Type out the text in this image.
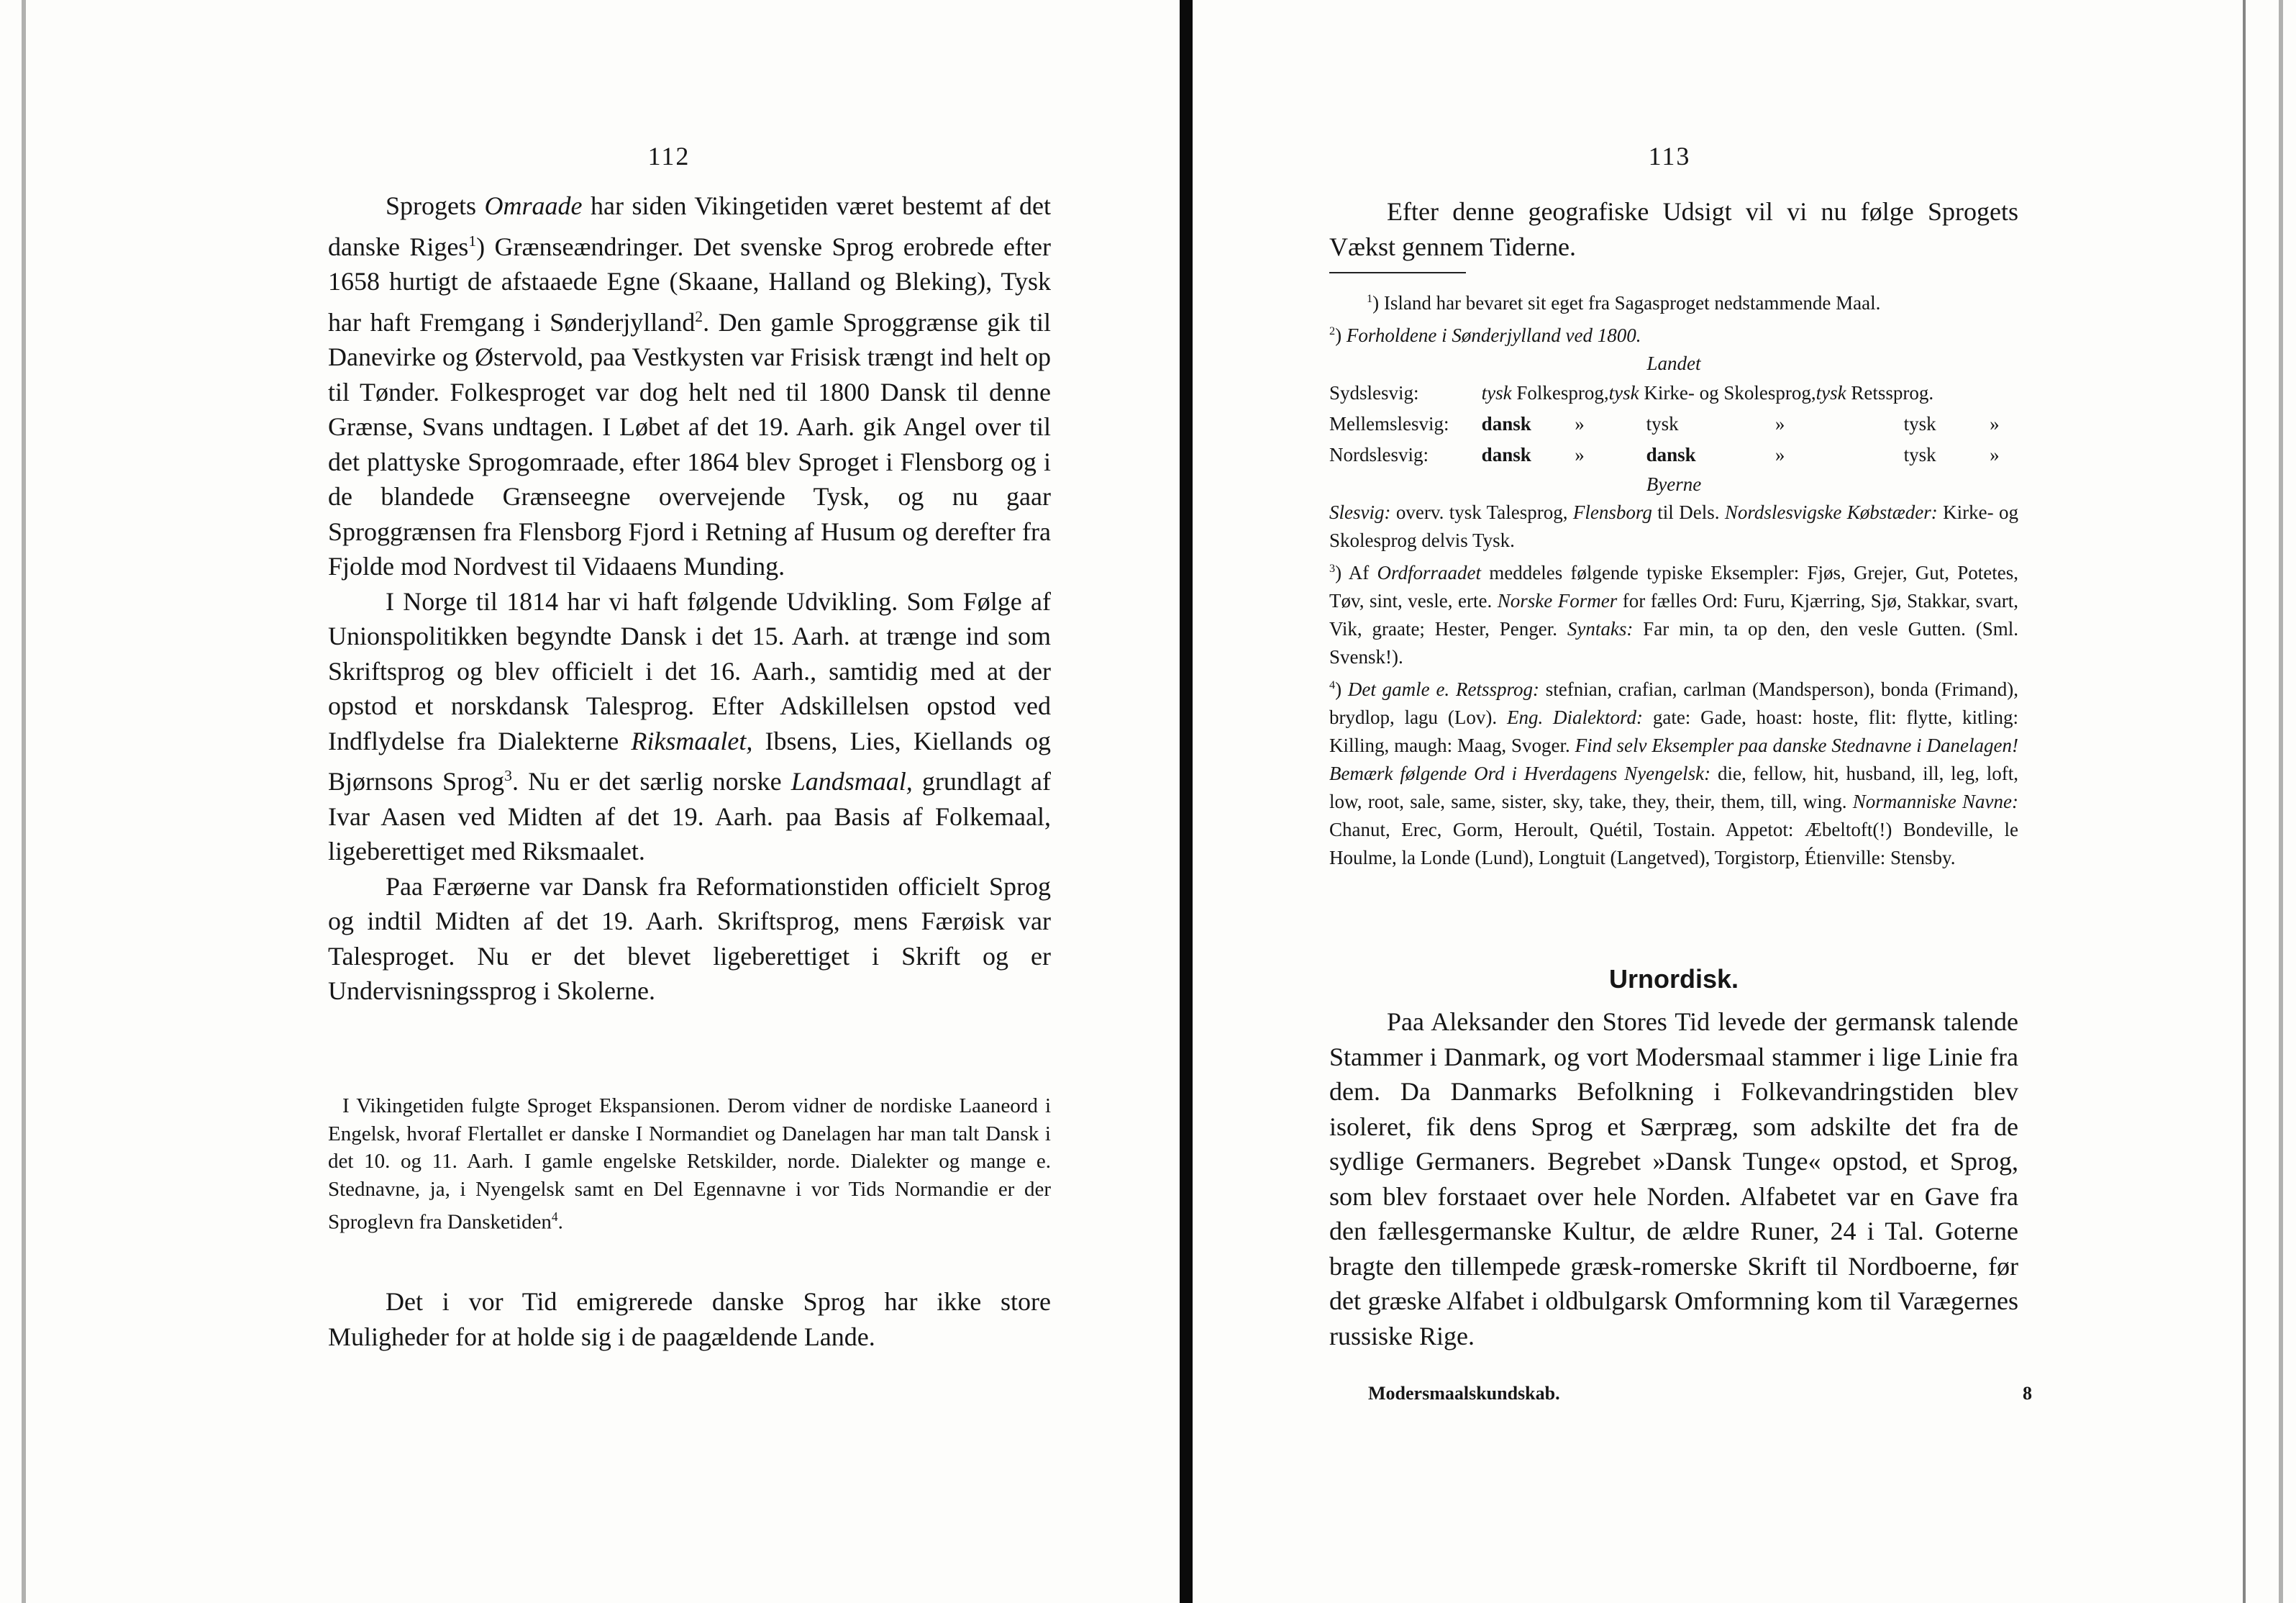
112

Sprogets Omraade har siden Vikingetiden været bestemt af det danske Riges$^1$) Grænseændringer. Det svenske Sprog erobrede efter 1658 hurtigt de afstaaede Egne (Skaane, Halland og Bleking), Tysk har haft Fremgang i Sønderjylland$^2$. Den gamle Sproggrænse gik til Danevirke og Østervold, paa Vestkysten var Frisisk trængt ind helt op til Tønder. Folkesproget var dog helt ned til 1800 Dansk til denne Grænse, Svans undtagen. I Løbet af det 19. Aarh. gik Angel over til det plattyske Sprogomraade, efter 1864 blev Sproget i Flensborg og i de blandede Grænseegne overvejende Tysk, og nu gaar Sproggrænsen fra Flensborg Fjord i Retning af Husum og derefter fra Fjolde mod Nordvest til Vidaaens Munding.

I Norge til 1814 har vi haft følgende Udvikling. Som Følge af Unionspolitikken begyndte Dansk i det 15. Aarh. at trænge ind som Skriftsprog og blev officielt i det 16. Aarh., samtidig med at der opstod et norskdansk Talesprog. Efter Adskillelsen opstod ved Indflydelse fra Dialekterne Riksmaalet, Ibsens, Lies, Kiellands og Bjørnsons Sprog$^3$. Nu er det særlig norske Landsmaal, grundlagt af Ivar Aasen ved Midten af det 19. Aarh. paa Basis af Folkemaal, ligeberettiget med Riksmaalet.

Paa Færøerne var Dansk fra Reformationstiden officielt Sprog og indtil Midten af det 19. Aarh. Skriftsprog, mens Færøisk var Talesproget. Nu er det blevet ligeberettiget i Skrift og er Undervisningssprog i Skolerne.

I Vikingetiden fulgte Sproget Ekspansionen. Derom vidner de nordiske Laaneord i Engelsk, hvoraf Flertallet er danske I Normandiet og Danelagen har man talt Dansk i det 10. og 11. Aarh. I gamle engelske Retskilder, norde. Dialekter og mange e. Stednavne, ja, i Nyengelsk samt en Del Egennavne i vor Tids Normandie er der Sproglevn fra Dansketiden$^4$.

Det i vor Tid emigrerede danske Sprog har ikke store Muligheder for at holde sig i de paagældende Lande.

113

Efter denne geografiske Udsigt vil vi nu følge Sprogets Vækst gennem Tiderne.

$^1$) Island har bevaret sit eget fra Sagasproget nedstammende Maal.

$^2$) Forholdene i Sønderjylland ved 1800.

Landet

Sydslesvig:	tysk Folkesprog,tysk Kirke- og Skolesprog,tysk Retssprog.					
Mellemslesvig:	dansk	»	tysk	»	tysk	»
Nordslesvig:	dansk	»	dansk	»	tysk	»

Byerne

Slesvig: overv. tysk Talesprog, Flensborg til Dels. Nordslesvigske Købstæder: Kirke- og Skolesprog delvis Tysk.

$^3$) Af Ordforraadet meddeles følgende typiske Eksempler: Fjøs, Grejer, Gut, Potetes, Tøv, sint, vesle, erte. Norske Former for fælles Ord: Furu, Kjærring, Sjø, Stakkar, svart, Vik, graate; Hester, Penger. Syntaks: Far min, ta op den, den vesle Gutten. (Sml. Svensk!).

$^4$) Det gamle e. Retssprog: stefnian, crafian, carlman (Mandsperson), bonda (Frimand), brydlop, lagu (Lov). Eng. Dialektord: gate: Gade, hoast: hoste, flit: flytte, kitling: Killing, maugh: Maag, Svoger. Find selv Eksempler paa danske Stednavne i Danelagen! Bemærk følgende Ord i Hverdagens Nyengelsk: die, fellow, hit, husband, ill, leg, loft, low, root, sale, same, sister, sky, take, they, their, them, till, wing. Normanniske Navne: Chanut, Erec, Gorm, Heroult, Quétil, Tostain. Appetot: Æbeltoft(!) Bondeville, le Houlme, la Londe (Lund), Longtuit (Langetved), Torgistorp, Étienville: Stensby.

Urnordisk.

Paa Aleksander den Stores Tid levede der germansk talende Stammer i Danmark, og vort Modersmaal stammer i lige Linie fra dem. Da Danmarks Befolkning i Folkevandringstiden blev isoleret, fik dens Sprog et Særpræg, som adskilte det fra de sydlige Germaners. Begrebet »Dansk Tunge« opstod, et Sprog, som blev forstaaet over hele Norden. Alfabetet var en Gave fra den fællesgermanske Kultur, de ældre Runer, 24 i Tal. Goterne bragte den tillempede græsk-romerske Skrift til Nordboerne, før det græske Alfabet i oldbulgarsk Omformning kom til Varægernes russiske Rige.

Modersmaalskundskab.	8
